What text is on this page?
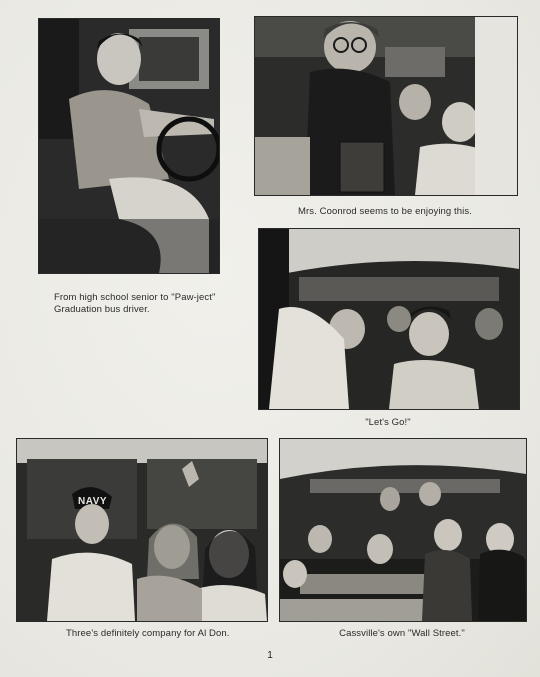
From high school senior to "Paw-ject"
Graduation bus driver.
Mrs. Coonrod seems to be enjoying this.
"Let's Go!"
NAVY
Three's definitely company for Al Don.	Cassville's own "Wall Street."
1
